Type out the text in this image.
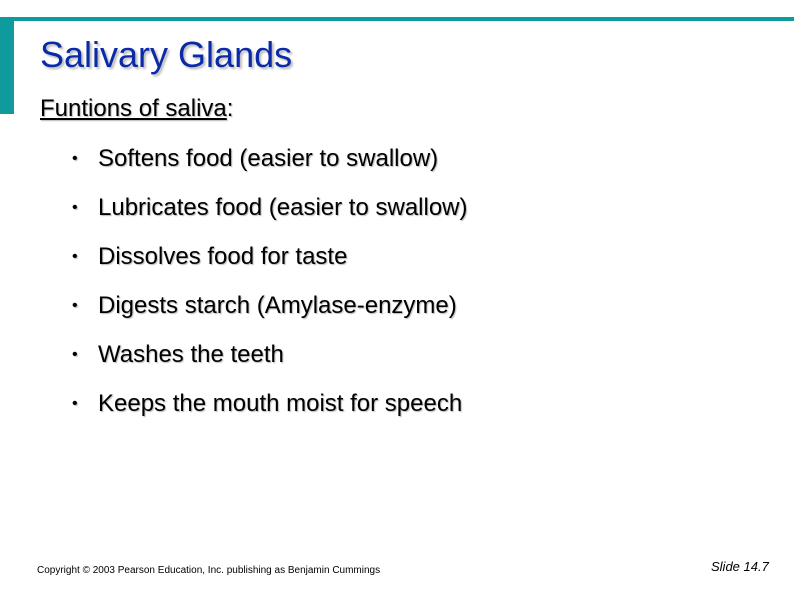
Salivary Glands
Funtions of saliva:
• Softens food (easier to swallow)
• Lubricates food (easier to swallow)
• Dissolves food for taste
• Digests starch (Amylase-enzyme)
• Washes the teeth
• Keeps the mouth moist for speech
Copyright © 2003 Pearson Education, Inc. publishing as Benjamin Cummings	Slide 14.7
